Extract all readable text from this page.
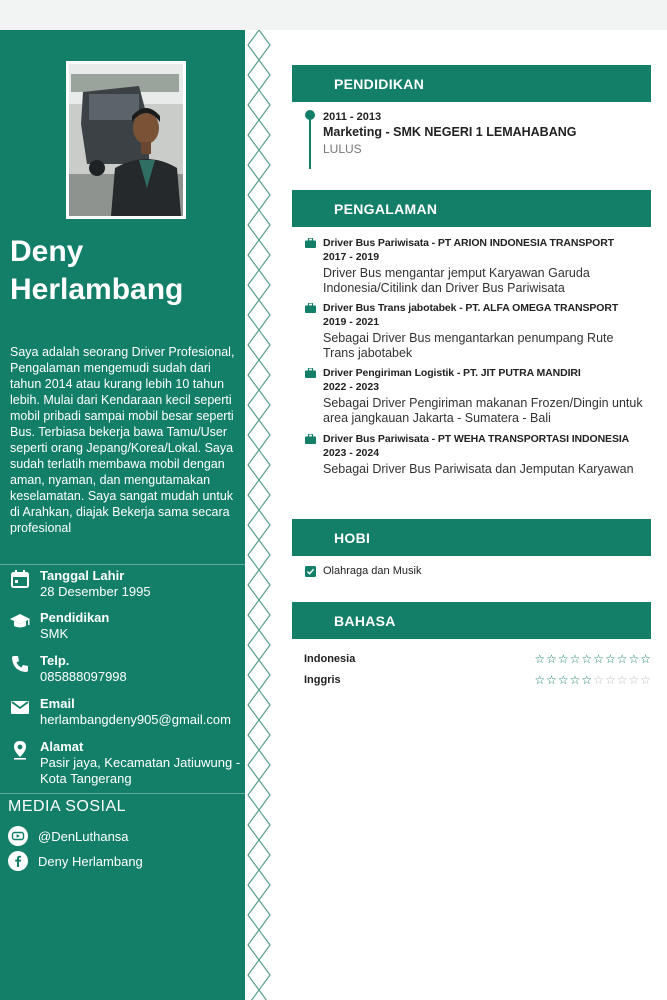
Deny
Herlambang

Saya adalah seorang Driver Profesional, Pengalaman mengemudi sudah dari tahun 2014 atau kurang lebih 10 tahun lebih. Mulai dari Kendaraan kecil seperti mobil pribadi sampai mobil besar seperti Bus. Terbiasa bekerja bawa Tamu/User seperti orang Jepang/Korea/Lokal. Saya sudah terlatih membawa mobil dengan aman, nyaman, dan mengutamakan keselamatan. Saya sangat mudah untuk di Arahkan, diajak Bekerja sama secara profesional

Tanggal Lahir
28 Desember 1995
Pendidikan
SMK
Telp.
085888097998
Email
herlambangdeny905@gmail.com
Alamat
Pasir jaya, Kecamatan Jatiuwung - Kota Tangerang
MEDIA SOSIAL
@DenLuthansa
Deny Herlambang
PENDIDIKAN
2011 - 2013
Marketing - SMK NEGERI 1 LEMAHABANG
LULUS
PENGALAMAN
Driver Bus Pariwisata - PT ARION INDONESIA TRANSPORT
2017 - 2019
Driver Bus mengantar jemput Karyawan Garuda Indonesia/Citilink dan Driver Bus Pariwisata
Driver Bus Trans jabotabek - PT. ALFA OMEGA TRANSPORT
2019 - 2021
Sebagai Driver Bus mengantarkan penumpang Rute Trans jabotabek
Driver Pengiriman Logistik - PT. JIT PUTRA MANDIRI
2022 - 2023
Sebagai Driver Pengiriman makanan Frozen/Dingin untuk area jangkauan Jakarta - Sumatera - Bali
Driver Bus Pariwisata - PT WEHA TRANSPORTASI INDONESIA
2023 - 2024
Sebagai Driver Bus Pariwisata dan Jemputan Karyawan
HOBI
Olahraga dan Musik
BAHASA
Indonesia	☆☆☆☆☆☆☆☆☆☆
Inggris	☆☆☆☆☆☆☆☆☆☆
